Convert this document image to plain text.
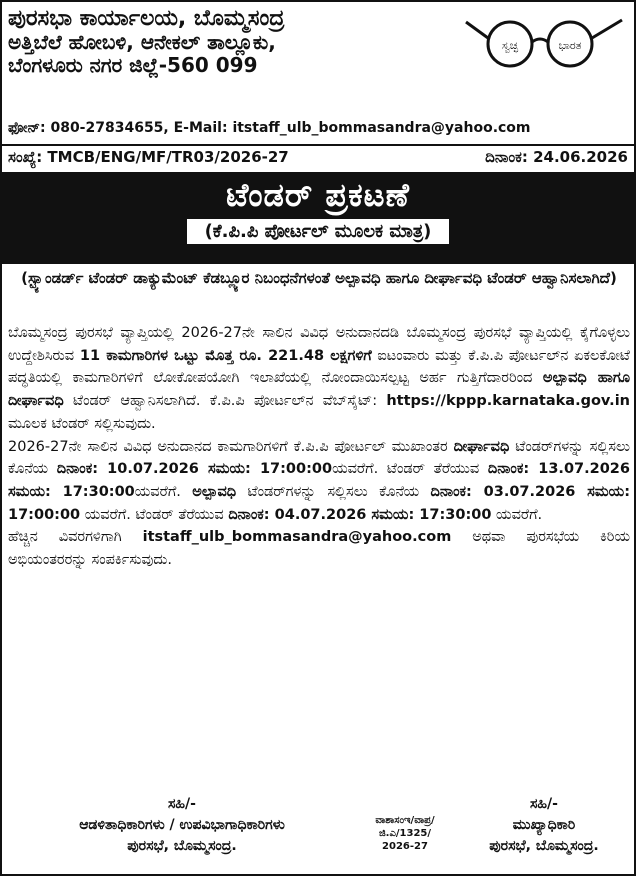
ಪುರಸಭಾ ಕಾರ್ಯಾಲಯ, ಬೊಮ್ಮಸಂದ್ರ
ಅತ್ತಿಬೆಲೆ ಹೋಬಳಿ, ಆನೇಕಲ್ ತಾಲ್ಲೂಕು,
ಬೆಂಗಳೂರು ನಗರ ಜಿಲ್ಲೆ-560 099
ಫೋನ್: 080-27834655, E-Mail: itstaff_ulb_bommasandra@yahoo.com
ಸ್ವಚ್ಛ	ಭಾರತ
ಸಂಖ್ಯೆ: TMCB/ENG/MF/TR03/2026-27	ದಿನಾಂಕ: 24.06.2026
ಟೆಂಡರ್ ಪ್ರಕಟಣೆ
(ಕೆ.ಪಿ.ಪಿ ಪೋರ್ಟಲ್ ಮೂಲಕ ಮಾತ್ರ)
(ಸ್ಟ್ಯಾಂಡರ್ಡ್ ಟೆಂಡರ್ ಡಾಕ್ಯುಮೆಂಟ್ ಕೆಡಬ್ಲ್ಯೂರ ನಿಬಂಧನೆಗಳಂತೆ ಅಲ್ಪಾವಧಿ ಹಾಗೂ ದೀರ್ಘಾವಧಿ ಟೆಂಡರ್ ಆಹ್ವಾನಿಸಲಾಗಿದೆ)
ಬೊಮ್ಮಸಂದ್ರ ಪುರಸಭೆ ವ್ಯಾಪ್ತಿಯಲ್ಲಿ 2026-27ನೇ ಸಾಲಿನ ವಿವಿಧ ಅನುದಾನದಡಿ ಬೊಮ್ಮಸಂದ್ರ ಪುರಸಭೆ ವ್ಯಾಪ್ತಿಯಲ್ಲಿ ಕೈಗೊಳ್ಳಲು ಉದ್ದೇಶಿಸಿರುವ 11 ಕಾಮಗಾರಿಗಳ ಒಟ್ಟು ಮೊತ್ತ ರೂ. 221.48 ಲಕ್ಷಗಳಿಗೆ ಐಟಂವಾರು ಮತ್ತು ಕೆ.ಪಿ.ಪಿ ಪೋರ್ಟಲ್‌ನ ಏಕಲಕೋಟೆ ಪದ್ಧತಿಯಲ್ಲಿ ಕಾಮಗಾರಿಗಳಿಗೆ ಲೋಕೋಪಯೋಗಿ ಇಲಾಖೆಯಲ್ಲಿ ನೋಂದಾಯಿಸಲ್ಪಟ್ಟ ಅರ್ಹ ಗುತ್ತಿಗೆದಾರರಿಂದ ಅಲ್ಪಾವಧಿ ಹಾಗೂ ದೀರ್ಘಾವಧಿ ಟೆಂಡರ್ ಆಹ್ವಾನಿಸಲಾಗಿದೆ. ಕೆ.ಪಿ.ಪಿ ಪೋರ್ಟಲ್‌ನ ವೆಬ್‌ಸೈಟ್: https://kppp.karnataka.gov.in ಮೂಲಕ ಟೆಂಡರ್ ಸಲ್ಲಿಸುವುದು.
2026-27ನೇ ಸಾಲಿನ ವಿವಿಧ ಅನುದಾನದ ಕಾಮಗಾರಿಗಳಿಗೆ ಕೆ.ಪಿ.ಪಿ ಪೋರ್ಟಲ್ ಮುಖಾಂತರ ದೀರ್ಘಾವಧಿ ಟೆಂಡರ್‌ಗಳನ್ನು ಸಲ್ಲಿಸಲು ಕೊನೆಯ ದಿನಾಂಕ: 10.07.2026 ಸಮಯ: 17:00:00ಯವರೆಗೆ. ಟೆಂಡರ್ ತೆರೆಯುವ ದಿನಾಂಕ: 13.07.2026 ಸಮಯ: 17:30:00ಯವರೆಗೆ. ಅಲ್ಪಾವಧಿ ಟೆಂಡರ್‌ಗಳನ್ನು ಸಲ್ಲಿಸಲು ಕೊನೆಯ ದಿನಾಂಕ: 03.07.2026 ಸಮಯ: 17:00:00 ಯವರೆಗೆ. ಟೆಂಡರ್ ತೆರೆಯುವ ದಿನಾಂಕ: 04.07.2026 ಸಮಯ: 17:30:00 ಯವರೆಗೆ.
ಹೆಚ್ಚಿನ ವಿವರಗಳಿಗಾಗಿ itstaff_ulb_bommasandra@yahoo.com ಅಥವಾ ಪುರಸಭೆಯ ಕಿರಿಯ ಅಭಿಯಂತರರನ್ನು ಸಂಪರ್ಕಿಸುವುದು.
ಸಹಿ/-
ಆಡಳಿತಾಧಿಕಾರಿಗಳು / ಉಪವಿಭಾಗಾಧಿಕಾರಿಗಳು
ಪುರಸಭೆ, ಬೊಮ್ಮಸಂದ್ರ.
ವಾಶಾಸಂಇ/ವಾಪ್ರ/
ಜಿ.ಎ/1325/
2026-27
ಸಹಿ/-
ಮುಖ್ಯಾಧಿಕಾರಿ
ಪುರಸಭೆ, ಬೊಮ್ಮಸಂದ್ರ.
